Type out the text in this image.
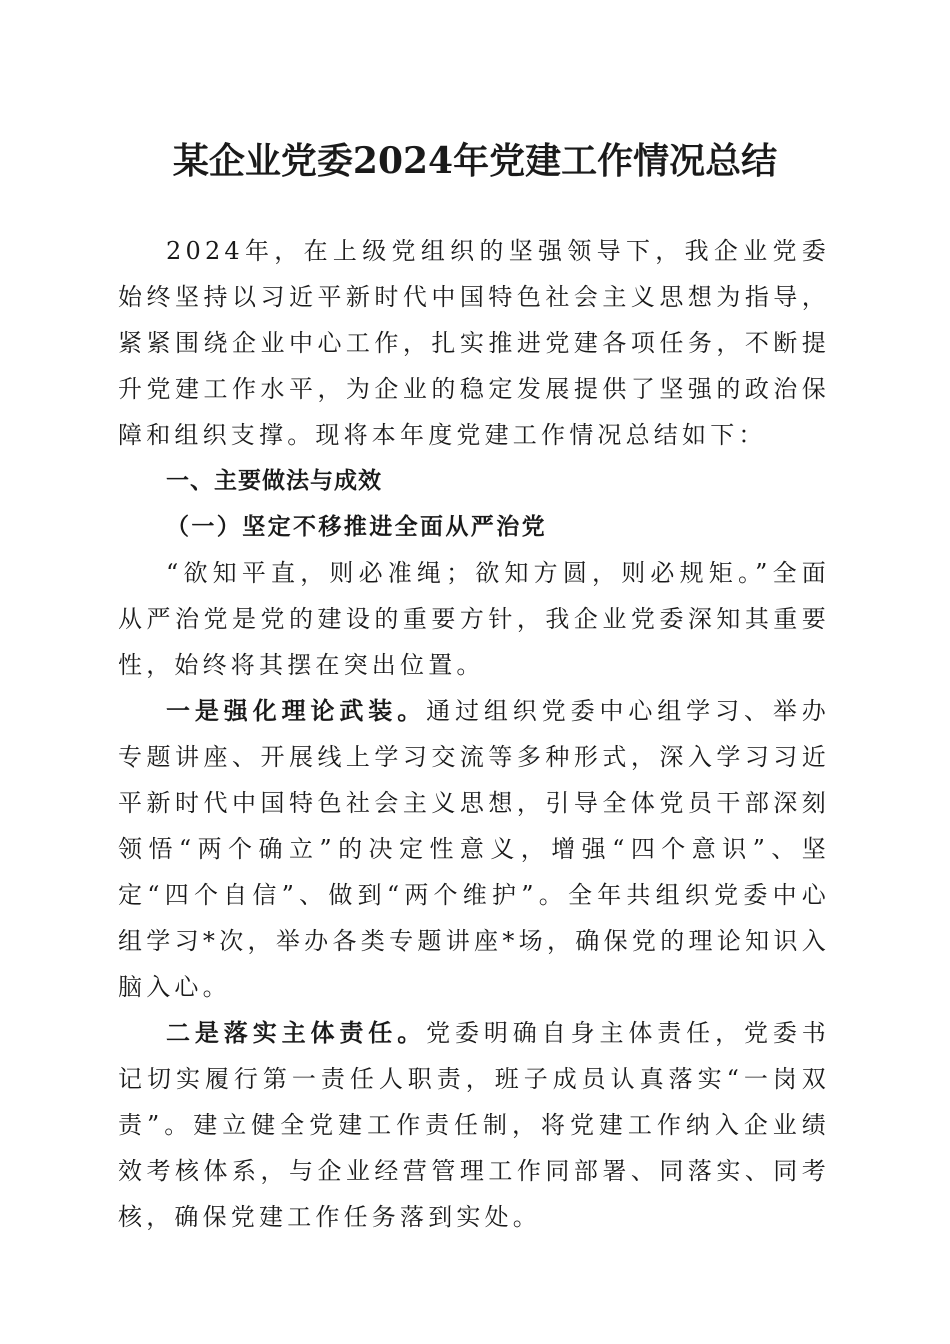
某企业党委2024年党建工作情况总结

2024年，在上级党组织的坚强领导下，我企业党委始终坚持以习近平新时代中国特色社会主义思想为指导，紧紧围绕企业中心工作，扎实推进党建各项任务，不断提升党建工作水平，为企业的稳定发展提供了坚强的政治保障和组织支撑。现将本年度党建工作情况总结如下：

一、主要做法与成效

（一）坚定不移推进全面从严治党

“欲知平直，则必准绳；欲知方圆，则必规矩。”全面从严治党是党的建设的重要方针，我企业党委深知其重要性，始终将其摆在突出位置。

一是强化理论武装。通过组织党委中心组学习、举办专题讲座、开展线上学习交流等多种形式，深入学习习近平新时代中国特色社会主义思想，引导全体党员干部深刻领悟“两个确立”的决定性意义，增强“四个意识”、坚定“四个自信”、做到“两个维护”。全年共组织党委中心组学习*次，举办各类专题讲座*场，确保党的理论知识入脑入心。

二是落实主体责任。党委明确自身主体责任，党委书记切实履行第一责任人职责，班子成员认真落实“一岗双责”。建立健全党建工作责任制，将党建工作纳入企业绩效考核体系，与企业经营管理工作同部署、同落实、同考核，确保党建工作任务落到实处。
